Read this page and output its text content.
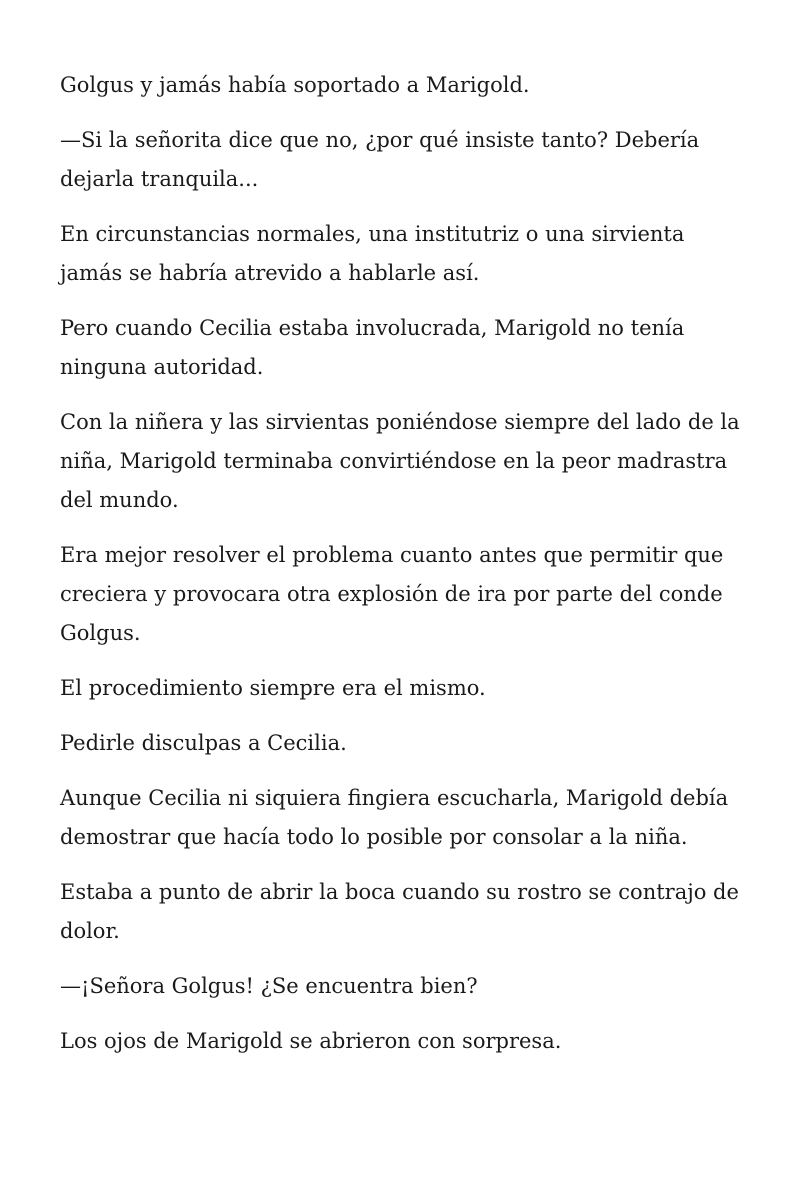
Golgus y jamás había soportado a Marigold.

—Si la señorita dice que no, ¿por qué insiste tanto? Debería dejarla tranquila...

En circunstancias normales, una institutriz o una sirvienta jamás se habría atrevido a hablarle así.

Pero cuando Cecilia estaba involucrada, Marigold no tenía ninguna autoridad.

Con la niñera y las sirvientas poniéndose siempre del lado de la niña, Marigold terminaba convirtiéndose en la peor madrastra del mundo.

Era mejor resolver el problema cuanto antes que permitir que creciera y provocara otra explosión de ira por parte del conde Golgus.

El procedimiento siempre era el mismo.

Pedirle disculpas a Cecilia.

Aunque Cecilia ni siquiera fingiera escucharla, Marigold debía demostrar que hacía todo lo posible por consolar a la niña.

Estaba a punto de abrir la boca cuando su rostro se contrajo de dolor.

—¡Señora Golgus! ¿Se encuentra bien?

Los ojos de Marigold se abrieron con sorpresa.
